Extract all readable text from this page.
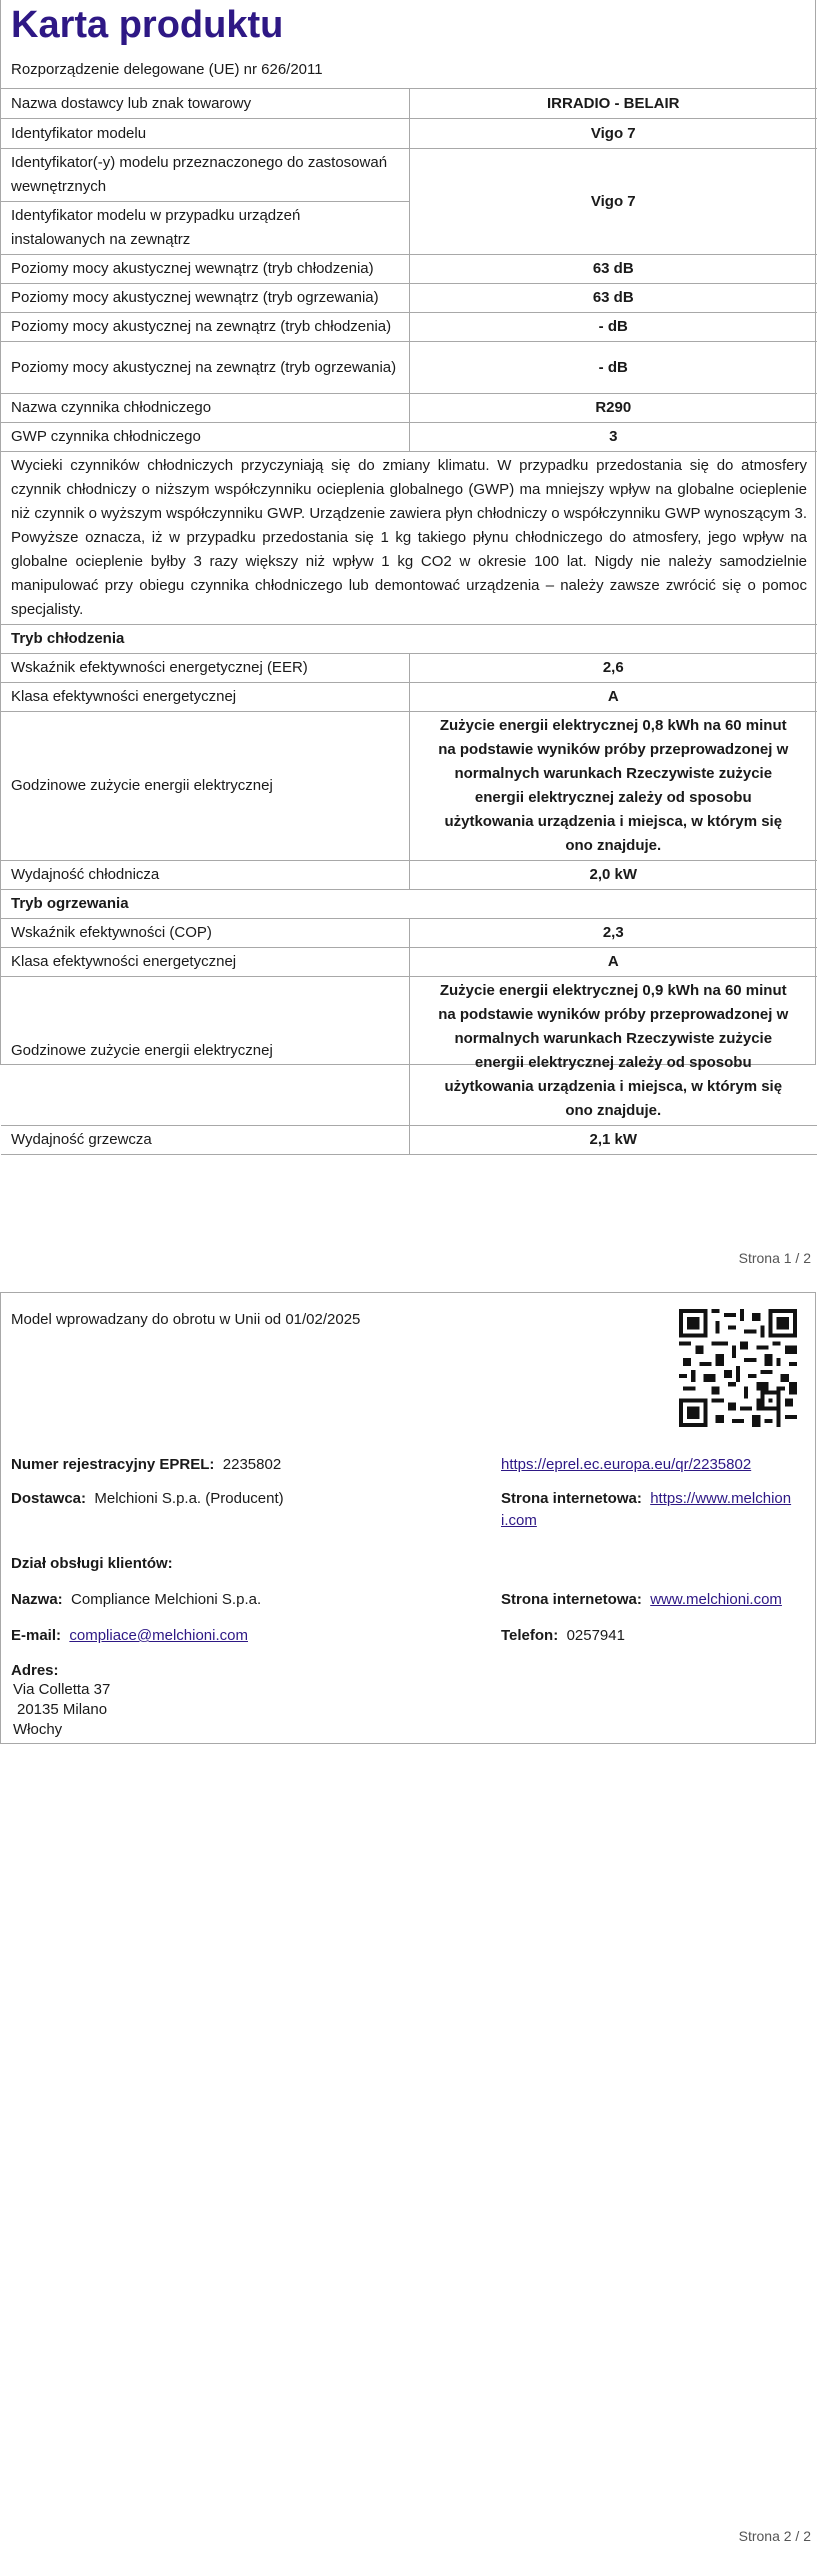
Karta produktu
Rozporządzenie delegowane (UE) nr 626/2011
Nazwa dostawcy lub znak towarowy	IRRADIO - BELAIR
Identyfikator modelu	Vigo 7
Identyfikator(-y) modelu przeznaczonego do zastosowań wewnętrznych	Vigo 7
Identyfikator modelu w przypadku urządzeń instalowanych na zewnątrz	
Poziomy mocy akustycznej wewnątrz (tryb chłodzenia)	63 dB
Poziomy mocy akustycznej wewnątrz (tryb ogrzewania)	63 dB
Poziomy mocy akustycznej na zewnątrz (tryb chłodzenia)	- dB
Poziomy mocy akustycznej na zewnątrz (tryb ogrzewania)	- dB
Nazwa czynnika chłodniczego	R290
GWP czynnika chłodniczego	3
Wycieki czynników chłodniczych przyczyniają się do zmiany klimatu. W przypadku przedostania się do atmosfery czynnik chłodniczy o niższym współczynniku ocieplenia globalnego (GWP) ma mniejszy wpływ na globalne ocieplenie niż czynnik o wyższym współczynniku GWP. Urządzenie zawiera płyn chłodniczy o współczynniku GWP wynoszącym 3. Powyższe oznacza, iż w przypadku przedostania się 1 kg takiego płynu chłodniczego do atmosfery, jego wpływ na globalne ocieplenie byłby 3 razy większy niż wpływ 1 kg CO2 w okresie 100 lat. Nigdy nie należy samodzielnie manipulować przy obiegu czynnika chłodniczego lub demontować urządzenia – należy zawsze zwrócić się o pomoc specjalisty.	
Tryb chłodzenia	
Wskaźnik efektywności energetycznej (EER)	2,6
Klasa efektywności energetycznej	A
Godzinowe zużycie energii elektrycznej	Zużycie energii elektrycznej 0,8 kWh na 60 minut na podstawie wyników próby przeprowadzonej w normalnych warunkach Rzeczywiste zużycie energii elektrycznej zależy od sposobu użytkowania urządzenia i miejsca, w którym się ono znajduje.
Wydajność chłodnicza	2,0 kW
Tryb ogrzewania	
Wskaźnik efektywności (COP)	2,3
Klasa efektywności energetycznej	A
Godzinowe zużycie energii elektrycznej	Zużycie energii elektrycznej 0,9 kWh na 60 minut na podstawie wyników próby przeprowadzonej w normalnych warunkach Rzeczywiste zużycie energii elektrycznej zależy od sposobu użytkowania urządzenia i miejsca, w którym się ono znajduje.
Wydajność grzewcza	2,1 kW
Strona 1 / 2
Model wprowadzany do obrotu w Unii od 01/02/2025
Numer rejestracyjny EPREL: 2235802	https://eprel.ec.europa.eu/qr/2235802
Dostawca: Melchioni S.p.a. (Producent)	Strona internetowa: https://www.melchion
i.com
Dział obsługi klientów:
Nazwa: Compliance Melchioni S.p.a.	Strona internetowa: www.melchioni.com
E-mail: compliace@melchioni.com	Telefon: 0257941
Adres:
Via Colletta 37
20135 Milano
Włochy
Strona 2 / 2
